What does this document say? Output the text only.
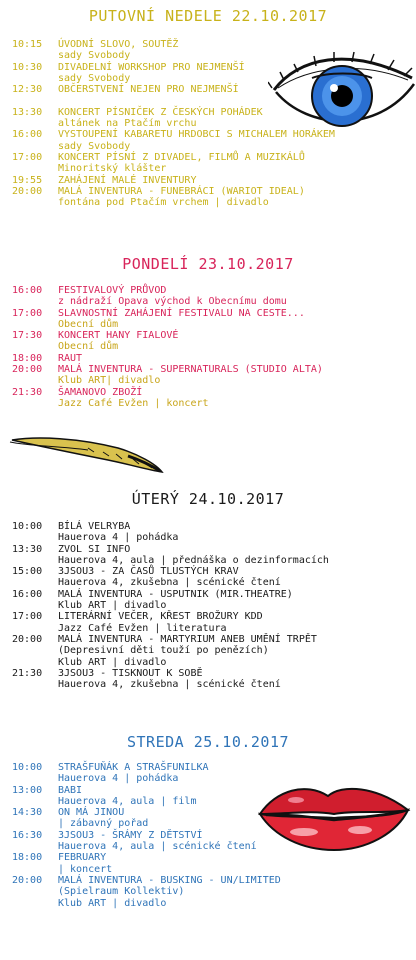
PUTOVNÍ NEDELE 22.10.2017
10:15	ÚVODNÍ SLOVO, SOUTĚŽ
sady Svobody
10:30	DIVADELNÍ WORKSHOP PRO NEJMENŠÍ
sady Svobody
12:30	OBČERSTVENÍ NEJEN PRO NEJMENŠÍ
13:30	KONCERT PÍSNIČEK Z ČESKÝCH POHÁDEK
altánek na Ptačím vrchu
16:00	VYSTOUPENÍ KABARETU HRDOBCI S MICHALEM HORÁKEM
sady Svobody
17:00	KONCERT PÍSNÍ Z DIVADEL, FILMŮ A MUZIKÁLŮ
Minoritský klášter
19:55	ZAHÁJENÍ MALÉ INVENTURY
20:00	MALÁ INVENTURA - FUNEBRÁCI (WARIOT IDEAL)
fontána pod Ptačím vrchem | divadlo
PONDELÍ 23.10.2017
16:00	FESTIVALOVÝ PRŮVOD
z nádraží Opava východ k Obecnímu domu
17:00	SLAVNOSTNÍ ZAHÁJENÍ FESTIVALU NA CESTE...
Obecní dům
17:30	KONCERT HANY FIALOVÉ
Obecní dům
18:00	RAUT
20:00	MALÁ INVENTURA - SUPERNATURALS (STUDIO ALTA)
Klub ART| divadlo
21:30	ŠAMANOVO ZBOŽÍ
Jazz Café Evžen | koncert
ÚTERÝ 24.10.2017
10:00	BÍLÁ VELRYBA
Hauerova 4 | pohádka
13:30	ZVOL SI INFO
Hauerova 4, aula | přednáška o dezinformacích
15:00	3JSOU3 - ZA ČASŮ TLUSTÝCH KRAV
Hauerova 4, zkušebna | scénické čtení
16:00	MALÁ INVENTURA - USPUTNIK (MIR.THEATRE)
Klub ART | divadlo
17:00	LITERÁRNÍ VEČER, KŘEST BROŽURY KDD
Jazz Café Evžen | literatura
20:00	MALÁ INVENTURA - MARTYRIUM ANEB UMĚNÍ TRPĚT
(Depresivní děti touží po penězích)
Klub ART | divadlo
21:30	3JSOU3 - TISKNOUT K SOBĚ
Hauerova 4, zkušebna | scénické čtení
STREDA 25.10.2017
10:00	STRAŠFUŇÁK A STRAŠFUNILKA
Hauerova 4 | pohádka
13:00	BABI
Hauerova 4, aula | film
14:30	ON MÁ JINOU
| zábavný pořad
16:30	3JSOU3 - ŠRÁMY Z DĚTSTVÍ
Hauerova 4, aula | scénické čtení
18:00	FEBRUARY
| koncert
20:00	MALÁ INVENTURA - BUSKING - UN/LIMITED
(Spielraum Kollektiv)
Klub ART | divadlo
